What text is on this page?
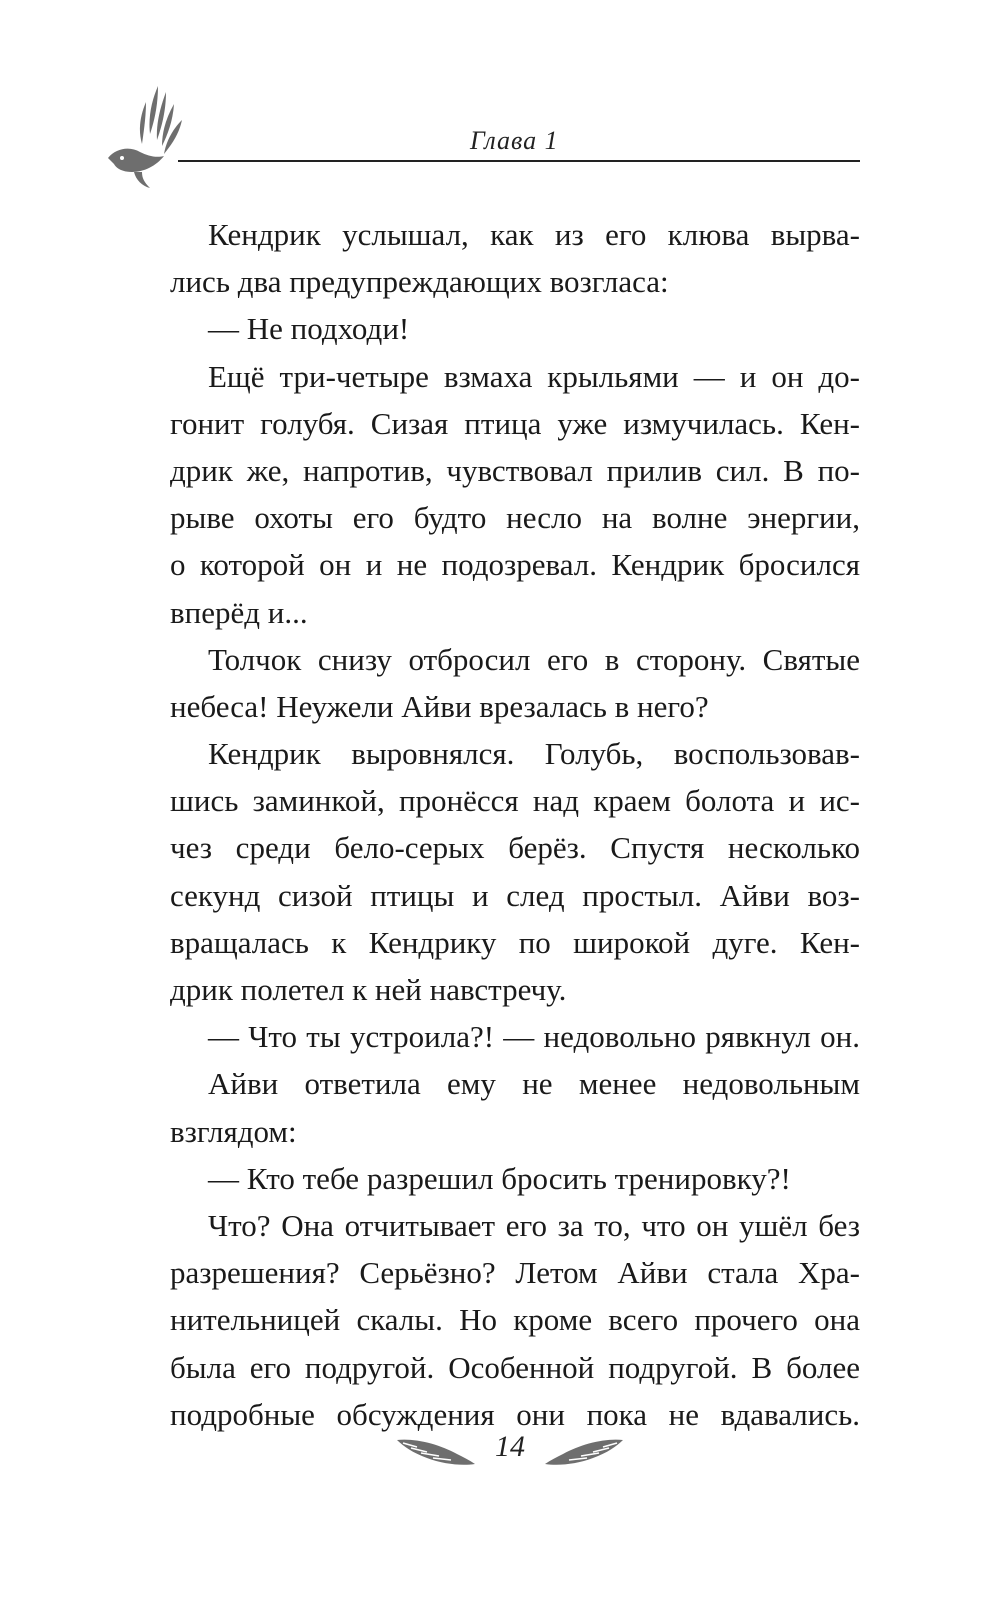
Глава 1
Кендрик услышал, как из его клюва вырва-
лись два предупреждающих возгласа:
— Не подходи!
Ещё три-четыре взмаха крыльями — и он до-
гонит голубя. Сизая птица уже измучилась. Кен-
дрик же, напротив, чувствовал прилив сил. В по-
рыве охоты его будто несло на волне энергии,
о которой он и не подозревал. Кендрик бросился
вперёд и...
Толчок снизу отбросил его в сторону. Святые
небеса! Неужели Айви врезалась в него?
Кендрик выровнялся. Голубь, воспользовав-
шись заминкой, пронёсся над краем болота и ис-
чез среди бело-серых берёз. Спустя несколько
секунд сизой птицы и след простыл. Айви воз-
вращалась к Кендрику по широкой дуге. Кен-
дрик полетел к ней навстречу.
— Что ты устроила?! — недовольно рявкнул он.
Айви ответила ему не менее недовольным
взглядом:
— Кто тебе разрешил бросить тренировку?!
Что? Она отчитывает его за то, что он ушёл без
разрешения? Серьёзно? Летом Айви стала Хра-
нительницей скалы. Но кроме всего прочего она
была его подругой. Особенной подругой. В более
подробные обсуждения они пока не вдавались.
14
